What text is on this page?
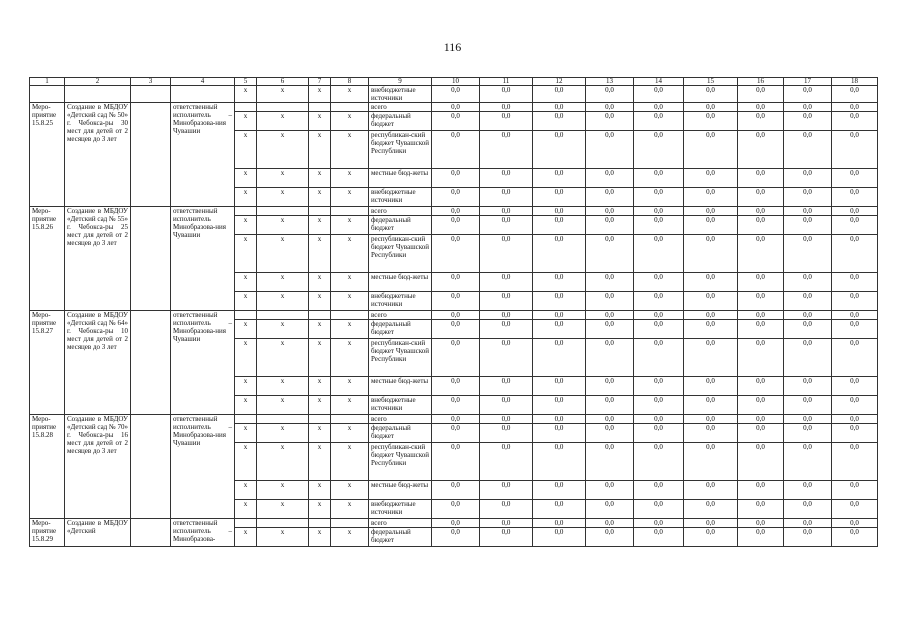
116
1	2	3	4	5	6	7	8	9	10	11	12	13	14	15	16	17	18
				x	x	x	x	внебюджетные источники	0,0	0,0	0,0	0,0	0,0	0,0	0,0	0,0	0,0
Меро-приятие 15.8.25	Создание в МБДОУ «Детский сад № 50» г. Чебокса-ры 30 мест для детей от 2 месяцев до 3 лет		ответственный исполнитель – Минобразова-ния Чувашии					всего	0,0	0,0	0,0	0,0	0,0	0,0	0,0	0,0	0,0
				x	x	x	x	федеральный бюджет	0,0	0,0	0,0	0,0	0,0	0,0	0,0	0,0	0,0
				x	x	x	x	республикан-ский бюджет Чувашской Республики	0,0	0,0	0,0	0,0	0,0	0,0	0,0	0,0	0,0
				x	x	x	x	местные бюд-жеты	0,0	0,0	0,0	0,0	0,0	0,0	0,0	0,0	0,0
				x	x	x	x	внебюджетные источники	0,0	0,0	0,0	0,0	0,0	0,0	0,0	0,0	0,0
Меро-приятие 15.8.26	Создание в МБДОУ «Детский сад № 55» г. Чебокса-ры 25 мест для детей от 2 месяцев до 3 лет		ответственный исполнитель Минобразова-ния Чувашии					всего	0,0	0,0	0,0	0,0	0,0	0,0	0,0	0,0	0,0
				x	x	x	x	федеральный бюджет	0,0	0,0	0,0	0,0	0,0	0,0	0,0	0,0	0,0
				x	x	x	x	республикан-ский бюджет Чувашской Республики	0,0	0,0	0,0	0,0	0,0	0,0	0,0	0,0	0,0
				x	x	x	x	местные бюд-жеты	0,0	0,0	0,0	0,0	0,0	0,0	0,0	0,0	0,0
				x	x	x	x	внебюджетные источники	0,0	0,0	0,0	0,0	0,0	0,0	0,0	0,0	0,0
Меро-приятие 15.8.27	Создание в МБДОУ «Детский сад № 64» г. Чебокса-ры 10 мест для детей от 2 месяцев до 3 лет		ответственный исполнитель – Минобразова-ния Чувашии					всего	0,0	0,0	0,0	0,0	0,0	0,0	0,0	0,0	0,0
				x	x	x	x	федеральный бюджет	0,0	0,0	0,0	0,0	0,0	0,0	0,0	0,0	0,0
				x	x	x	x	республикан-ский бюджет Чувашской Республики	0,0	0,0	0,0	0,0	0,0	0,0	0,0	0,0	0,0
				x	x	x	x	местные бюд-жеты	0,0	0,0	0,0	0,0	0,0	0,0	0,0	0,0	0,0
				x	x	x	x	внебюджетные источники	0,0	0,0	0,0	0,0	0,0	0,0	0,0	0,0	0,0
Меро-приятие 15.8.28	Создание в МБДОУ «Детский сад № 70» г. Чебокса-ры 16 мест для детей от 2 месяцев до 3 лет		ответственный исполнитель – Минобразова-ния Чувашии					всего	0,0	0,0	0,0	0,0	0,0	0,0	0,0	0,0	0,0
				x	x	x	x	федеральный бюджет	0,0	0,0	0,0	0,0	0,0	0,0	0,0	0,0	0,0
				x	x	x	x	республикан-ский бюджет Чувашской Республики	0,0	0,0	0,0	0,0	0,0	0,0	0,0	0,0	0,0
				x	x	x	x	местные бюд-жеты	0,0	0,0	0,0	0,0	0,0	0,0	0,0	0,0	0,0
				x	x	x	x	внебюджетные источники	0,0	0,0	0,0	0,0	0,0	0,0	0,0	0,0	0,0
Меро-приятие 15.8.29	Создание в МБДОУ «Детский		ответственный исполнитель – Минобразова-					всего	0,0	0,0	0,0	0,0	0,0	0,0	0,0	0,0	0,0
				x	x	x	x	федеральный бюджет	0,0	0,0	0,0	0,0	0,0	0,0	0,0	0,0	0,0
